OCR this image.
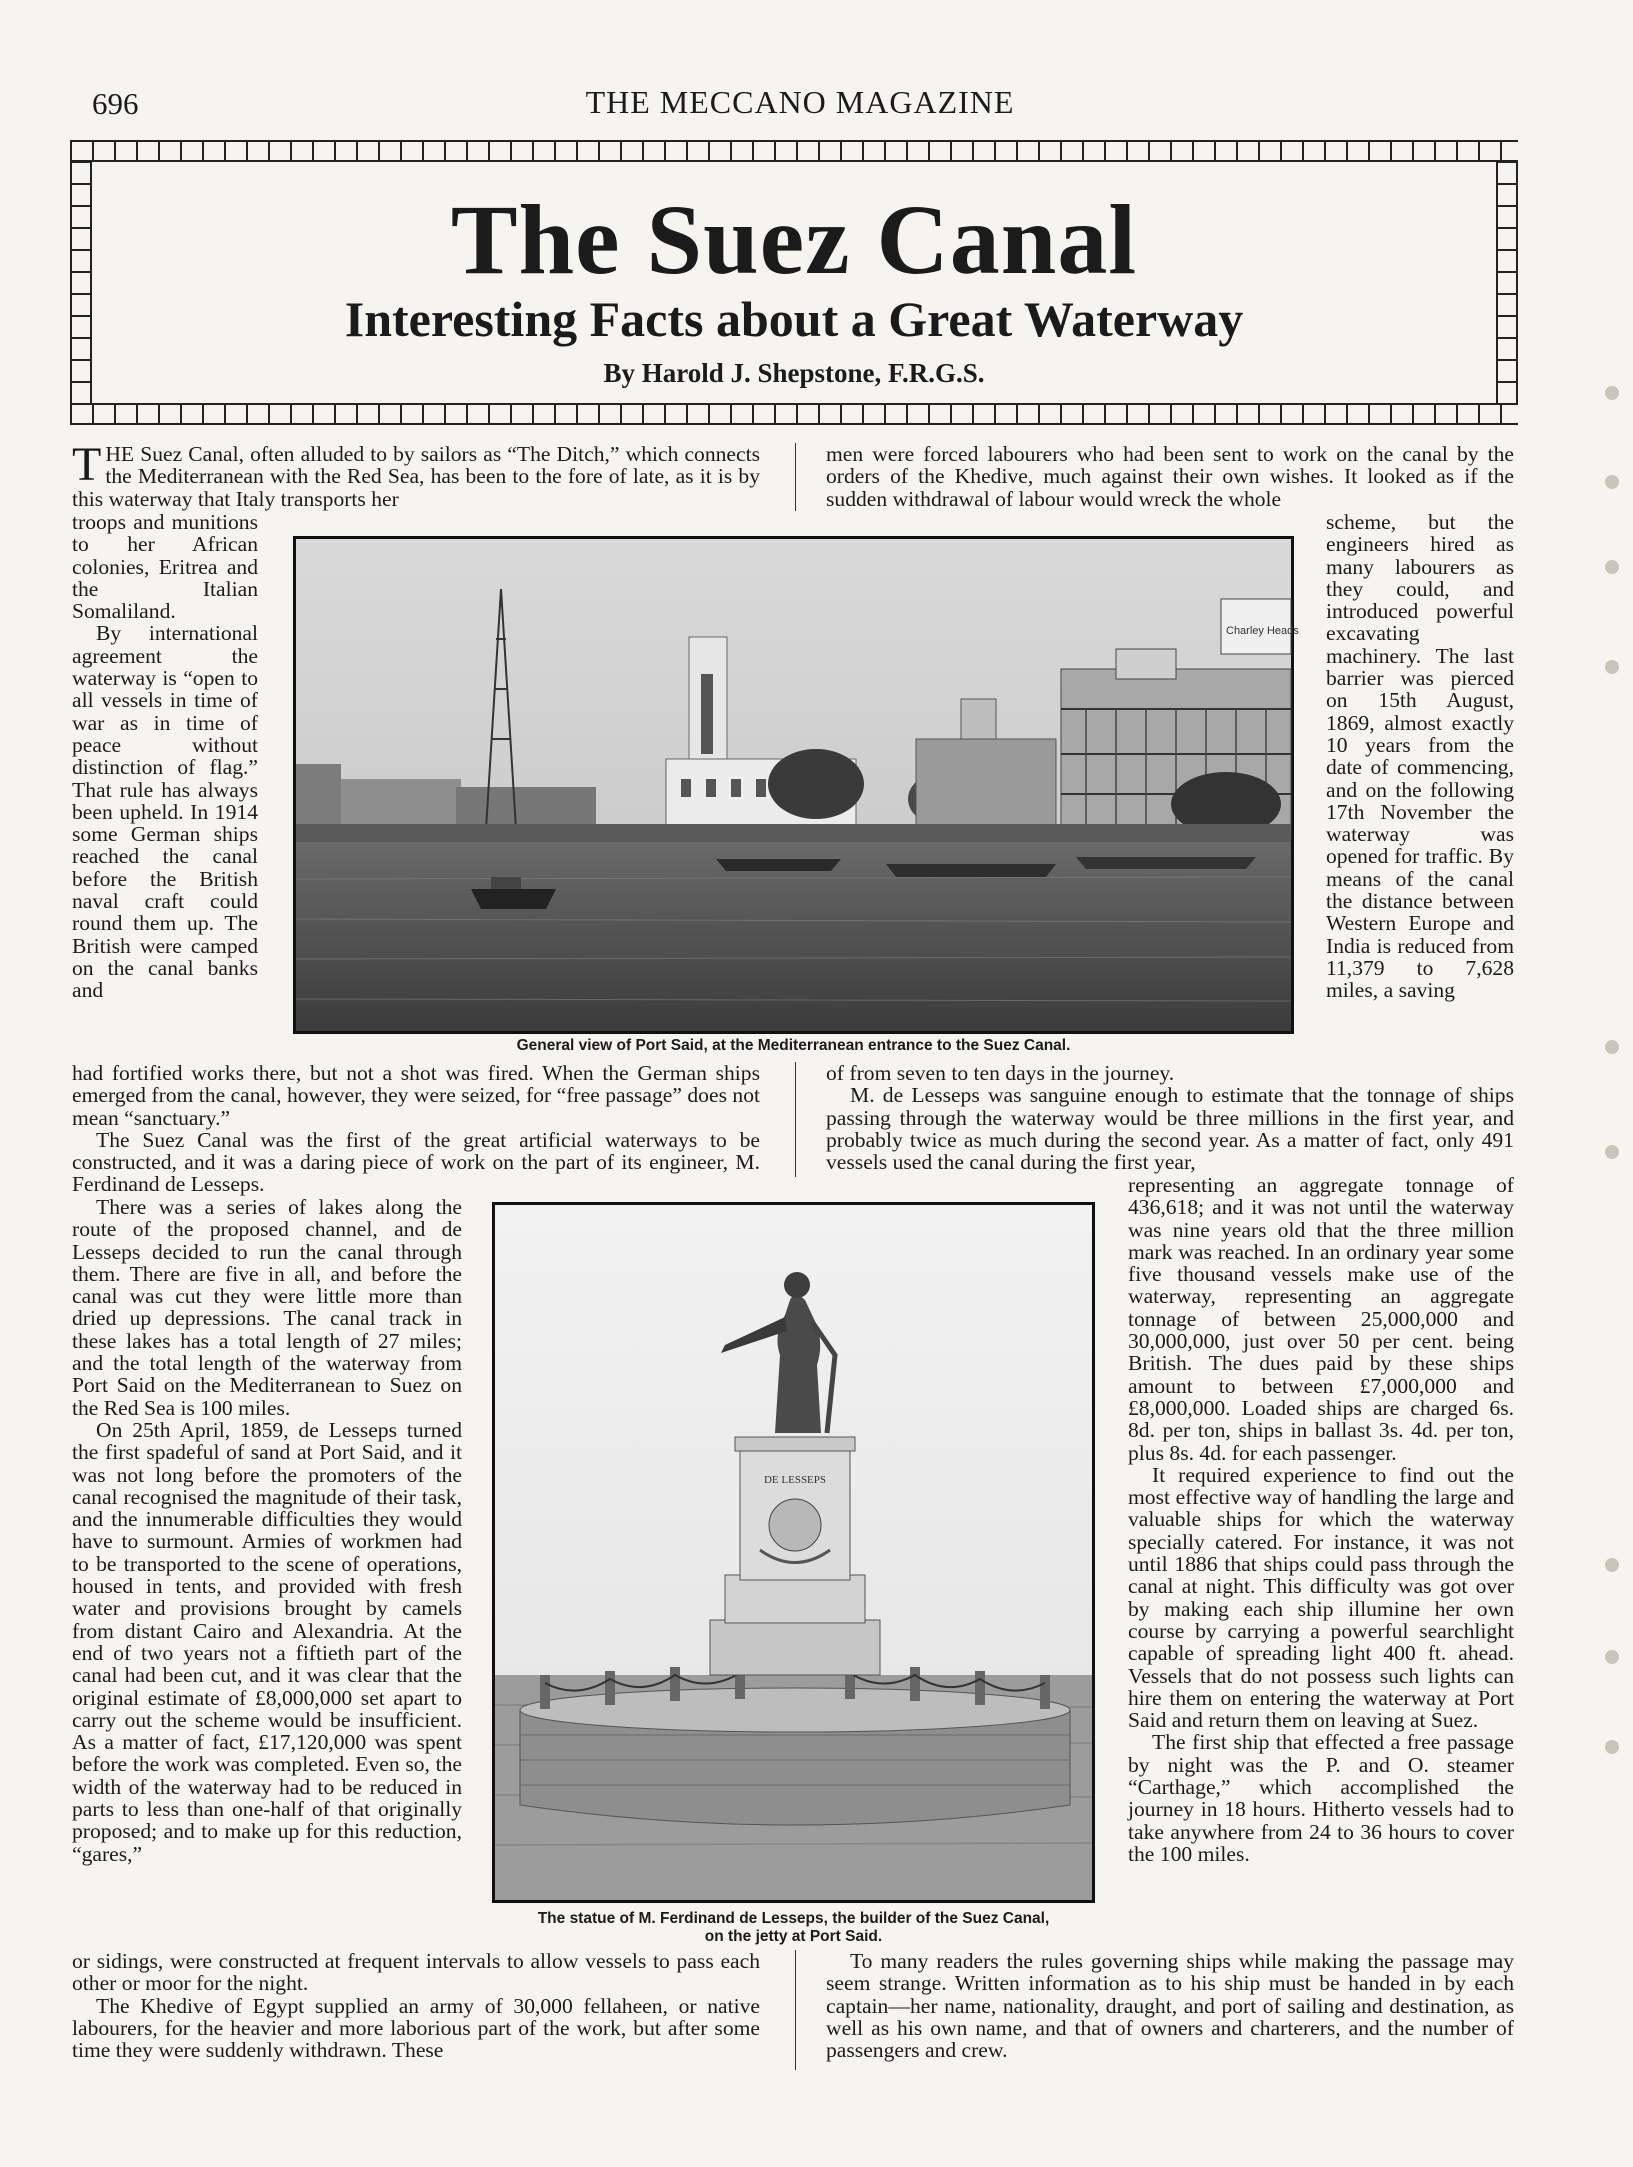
696	THE MECCANO MAGAZINE
The Suez Canal
Interesting Facts about a Great Waterway
By Harold J. Shepstone, F.R.G.S.

THE Suez Canal, often alluded to by sailors as “The Ditch,” which connects the Mediterranean with the Red Sea, has been to the fore of late, as it is by this waterway that Italy transports her

troops and munitions to her African colonies, Eritrea and the Italian Somaliland.

By international agreement the waterway is “open to all vessels in time of war as in time of peace without distinction of flag.” That rule has always been upheld. In 1914 some German ships reached the canal before the British naval craft could round them up. The British were camped on the canal banks and

men were forced labourers who had been sent to work on the canal by the orders of the Khedive, much against their own wishes. It looked as if the sudden withdrawal of labour would wreck the whole

scheme, but the engineers hired as many labourers as they could, and introduced powerful excavating machinery. The last barrier was pierced on 15th August, 1869, almost exactly 10 years from the date of commencing, and on the following 17th November the waterway was opened for traffic. By means of the canal the distance between Western Europe and India is reduced from 11,379 to 7,628 miles, a saving

Charley Heads
General view of Port Said, at the Mediterranean entrance to the Suez Canal.

had fortified works there, but not a shot was fired. When the German ships emerged from the canal, however, they were seized, for “free passage” does not mean “sanctuary.”

The Suez Canal was the first of the great artificial waterways to be constructed, and it was a daring piece of work on the part of its engineer, M. Ferdinand de Lesseps.

of from seven to ten days in the journey.

M. de Lesseps was sanguine enough to estimate that the tonnage of ships passing through the waterway would be three millions in the first year, and probably twice as much during the second year. As a matter of fact, only 491 vessels used the canal during the first year,

There was a series of lakes along the route of the proposed channel, and de Lesseps decided to run the canal through them. There are five in all, and before the canal was cut they were little more than dried up depressions. The canal track in these lakes has a total length of 27 miles; and the total length of the waterway from Port Said on the Mediterranean to Suez on the Red Sea is 100 miles.

On 25th April, 1859, de Lesseps turned the first spadeful of sand at Port Said, and it was not long before the promoters of the canal recognised the magnitude of their task, and the innumerable difficulties they would have to surmount. Armies of workmen had to be transported to the scene of operations, housed in tents, and provided with fresh water and provisions brought by camels from distant Cairo and Alexandria. At the end of two years not a fiftieth part of the canal had been cut, and it was clear that the original estimate of £8,000,000 set apart to carry out the scheme would be insufficient. As a matter of fact, £17,120,000 was spent before the work was completed. Even so, the width of the waterway had to be reduced in parts to less than one-half of that originally proposed; and to make up for this reduction, “gares,”

representing an aggregate tonnage of 436,618; and it was not until the waterway was nine years old that the three million mark was reached. In an ordinary year some five thousand vessels make use of the waterway, representing an aggregate tonnage of between 25,000,000 and 30,000,000, just over 50 per cent. being British. The dues paid by these ships amount to between £7,000,000 and £8,000,000. Loaded ships are charged 6s. 8d. per ton, ships in ballast 3s. 4d. per ton, plus 8s. 4d. for each passenger.

It required experience to find out the most effective way of handling the large and valuable ships for which the waterway specially catered. For instance, it was not until 1886 that ships could pass through the canal at night. This difficulty was got over by making each ship illumine her own course by carrying a powerful searchlight capable of spreading light 400 ft. ahead. Vessels that do not possess such lights can hire them on entering the waterway at Port Said and return them on leaving at Suez.

The first ship that effected a free passage by night was the P. and O. steamer “Carthage,” which accomplished the journey in 18 hours. Hitherto vessels had to take anywhere from 24 to 36 hours to cover the 100 miles.

DE LESSEPS
The statue of M. Ferdinand de Lesseps, the builder of the Suez Canal,
on the jetty at Port Said.

or sidings, were constructed at frequent intervals to allow vessels to pass each other or moor for the night.

The Khedive of Egypt supplied an army of 30,000 fellaheen, or native labourers, for the heavier and more laborious part of the work, but after some time they were suddenly withdrawn. These

To many readers the rules governing ships while making the passage may seem strange. Written information as to his ship must be handed in by each captain—her name, nationality, draught, and port of sailing and destination, as well as his own name, and that of owners and charterers, and the number of passengers and crew.
